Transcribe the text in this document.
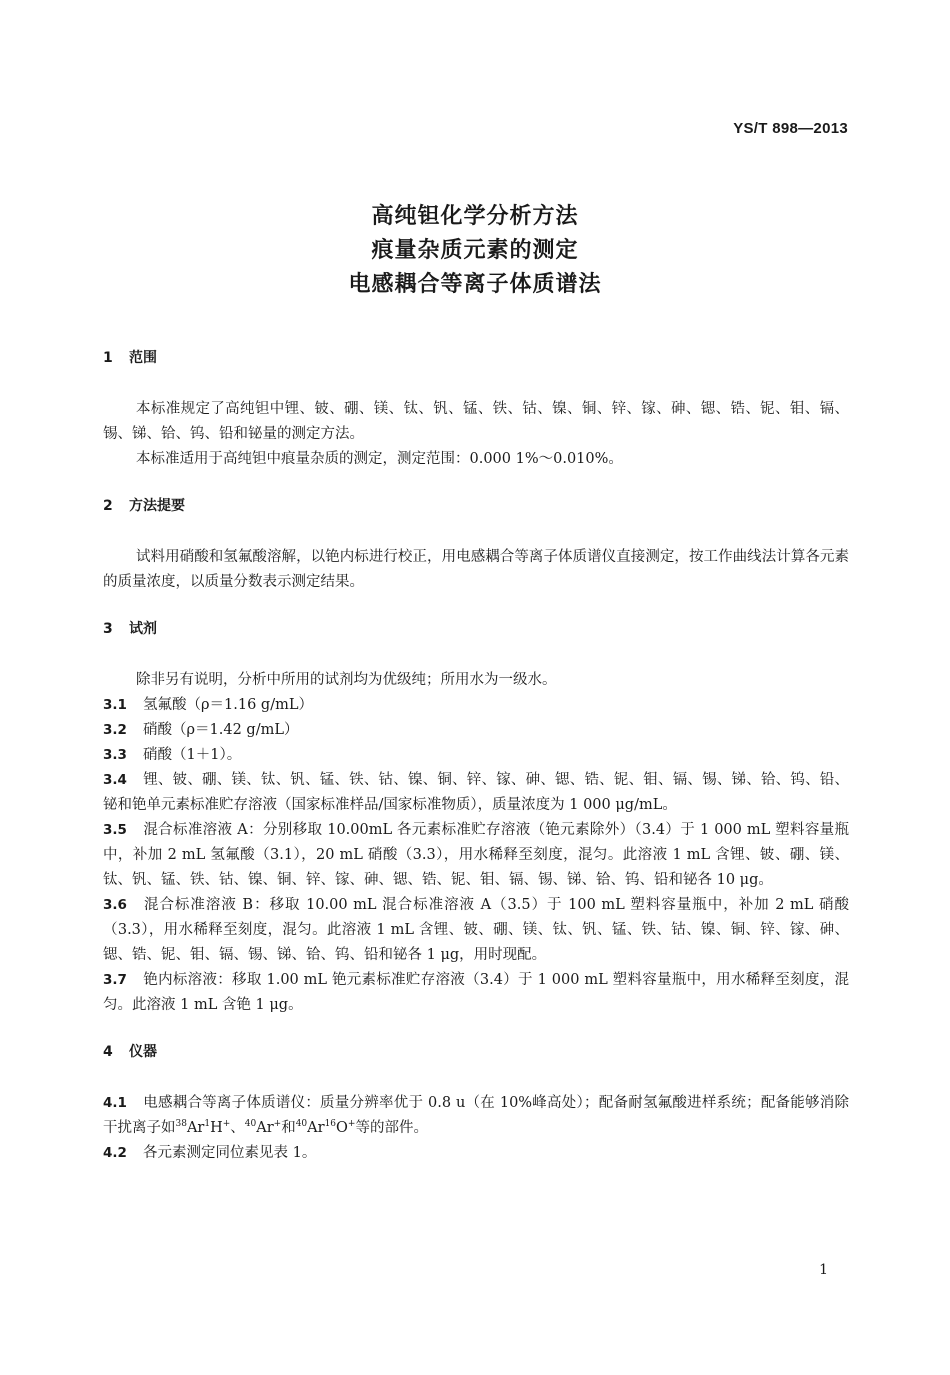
YS/T 898—2013
高纯钽化学分析方法
痕量杂质元素的测定
电感耦合等离子体质谱法
1 范围

本标准规定了高纯钽中锂、铍、硼、镁、钛、钒、锰、铁、钴、镍、铜、锌、镓、砷、锶、锆、铌、钼、镉、锡、锑、铪、钨、铅和铋量的测定方法。

本标准适用于高纯钽中痕量杂质的测定，测定范围：0.000 1%～0.010%。

2 方法提要

试料用硝酸和氢氟酸溶解，以铯内标进行校正，用电感耦合等离子体质谱仪直接测定，按工作曲线法计算各元素的质量浓度，以质量分数表示测定结果。

3 试剂

除非另有说明，分析中所用的试剂均为优级纯；所用水为一级水。

3.1 氢氟酸（ρ＝1.16 g/mL）

3.2 硝酸（ρ＝1.42 g/mL）

3.3 硝酸（1＋1）。

3.4 锂、铍、硼、镁、钛、钒、锰、铁、钴、镍、铜、锌、镓、砷、锶、锆、铌、钼、镉、锡、锑、铪、钨、铅、铋和铯单元素标准贮存溶液（国家标准样品/国家标准物质），质量浓度为 1 000 μg/mL。

3.5 混合标准溶液 A：分别移取 10.00mL 各元素标准贮存溶液（铯元素除外）（3.4）于 1 000 mL 塑料容量瓶中，补加 2 mL 氢氟酸（3.1），20 mL 硝酸（3.3），用水稀释至刻度，混匀。此溶液 1 mL 含锂、铍、硼、镁、钛、钒、锰、铁、钴、镍、铜、锌、镓、砷、锶、锆、铌、钼、镉、锡、锑、铪、钨、铅和铋各 10 μg。

3.6 混合标准溶液 B：移取 10.00 mL 混合标准溶液 A（3.5）于 100 mL 塑料容量瓶中，补加 2 mL 硝酸（3.3），用水稀释至刻度，混匀。此溶液 1 mL 含锂、铍、硼、镁、钛、钒、锰、铁、钴、镍、铜、锌、镓、砷、锶、锆、铌、钼、镉、锡、锑、铪、钨、铅和铋各 1 μg，用时现配。

3.7 铯内标溶液：移取 1.00 mL 铯元素标准贮存溶液（3.4）于 1 000 mL 塑料容量瓶中，用水稀释至刻度，混匀。此溶液 1 mL 含铯 1 μg。

4 仪器

4.1 电感耦合等离子体质谱仪：质量分辨率优于 0.8 u（在 10%峰高处）；配备耐氢氟酸进样系统；配备能够消除干扰离子如$^{38}$Ar$^1$H+、$^{40}$Ar+和$^{40}$Ar$^{16}$O+等的部件。

4.2 各元素测定同位素见表 1。

1
